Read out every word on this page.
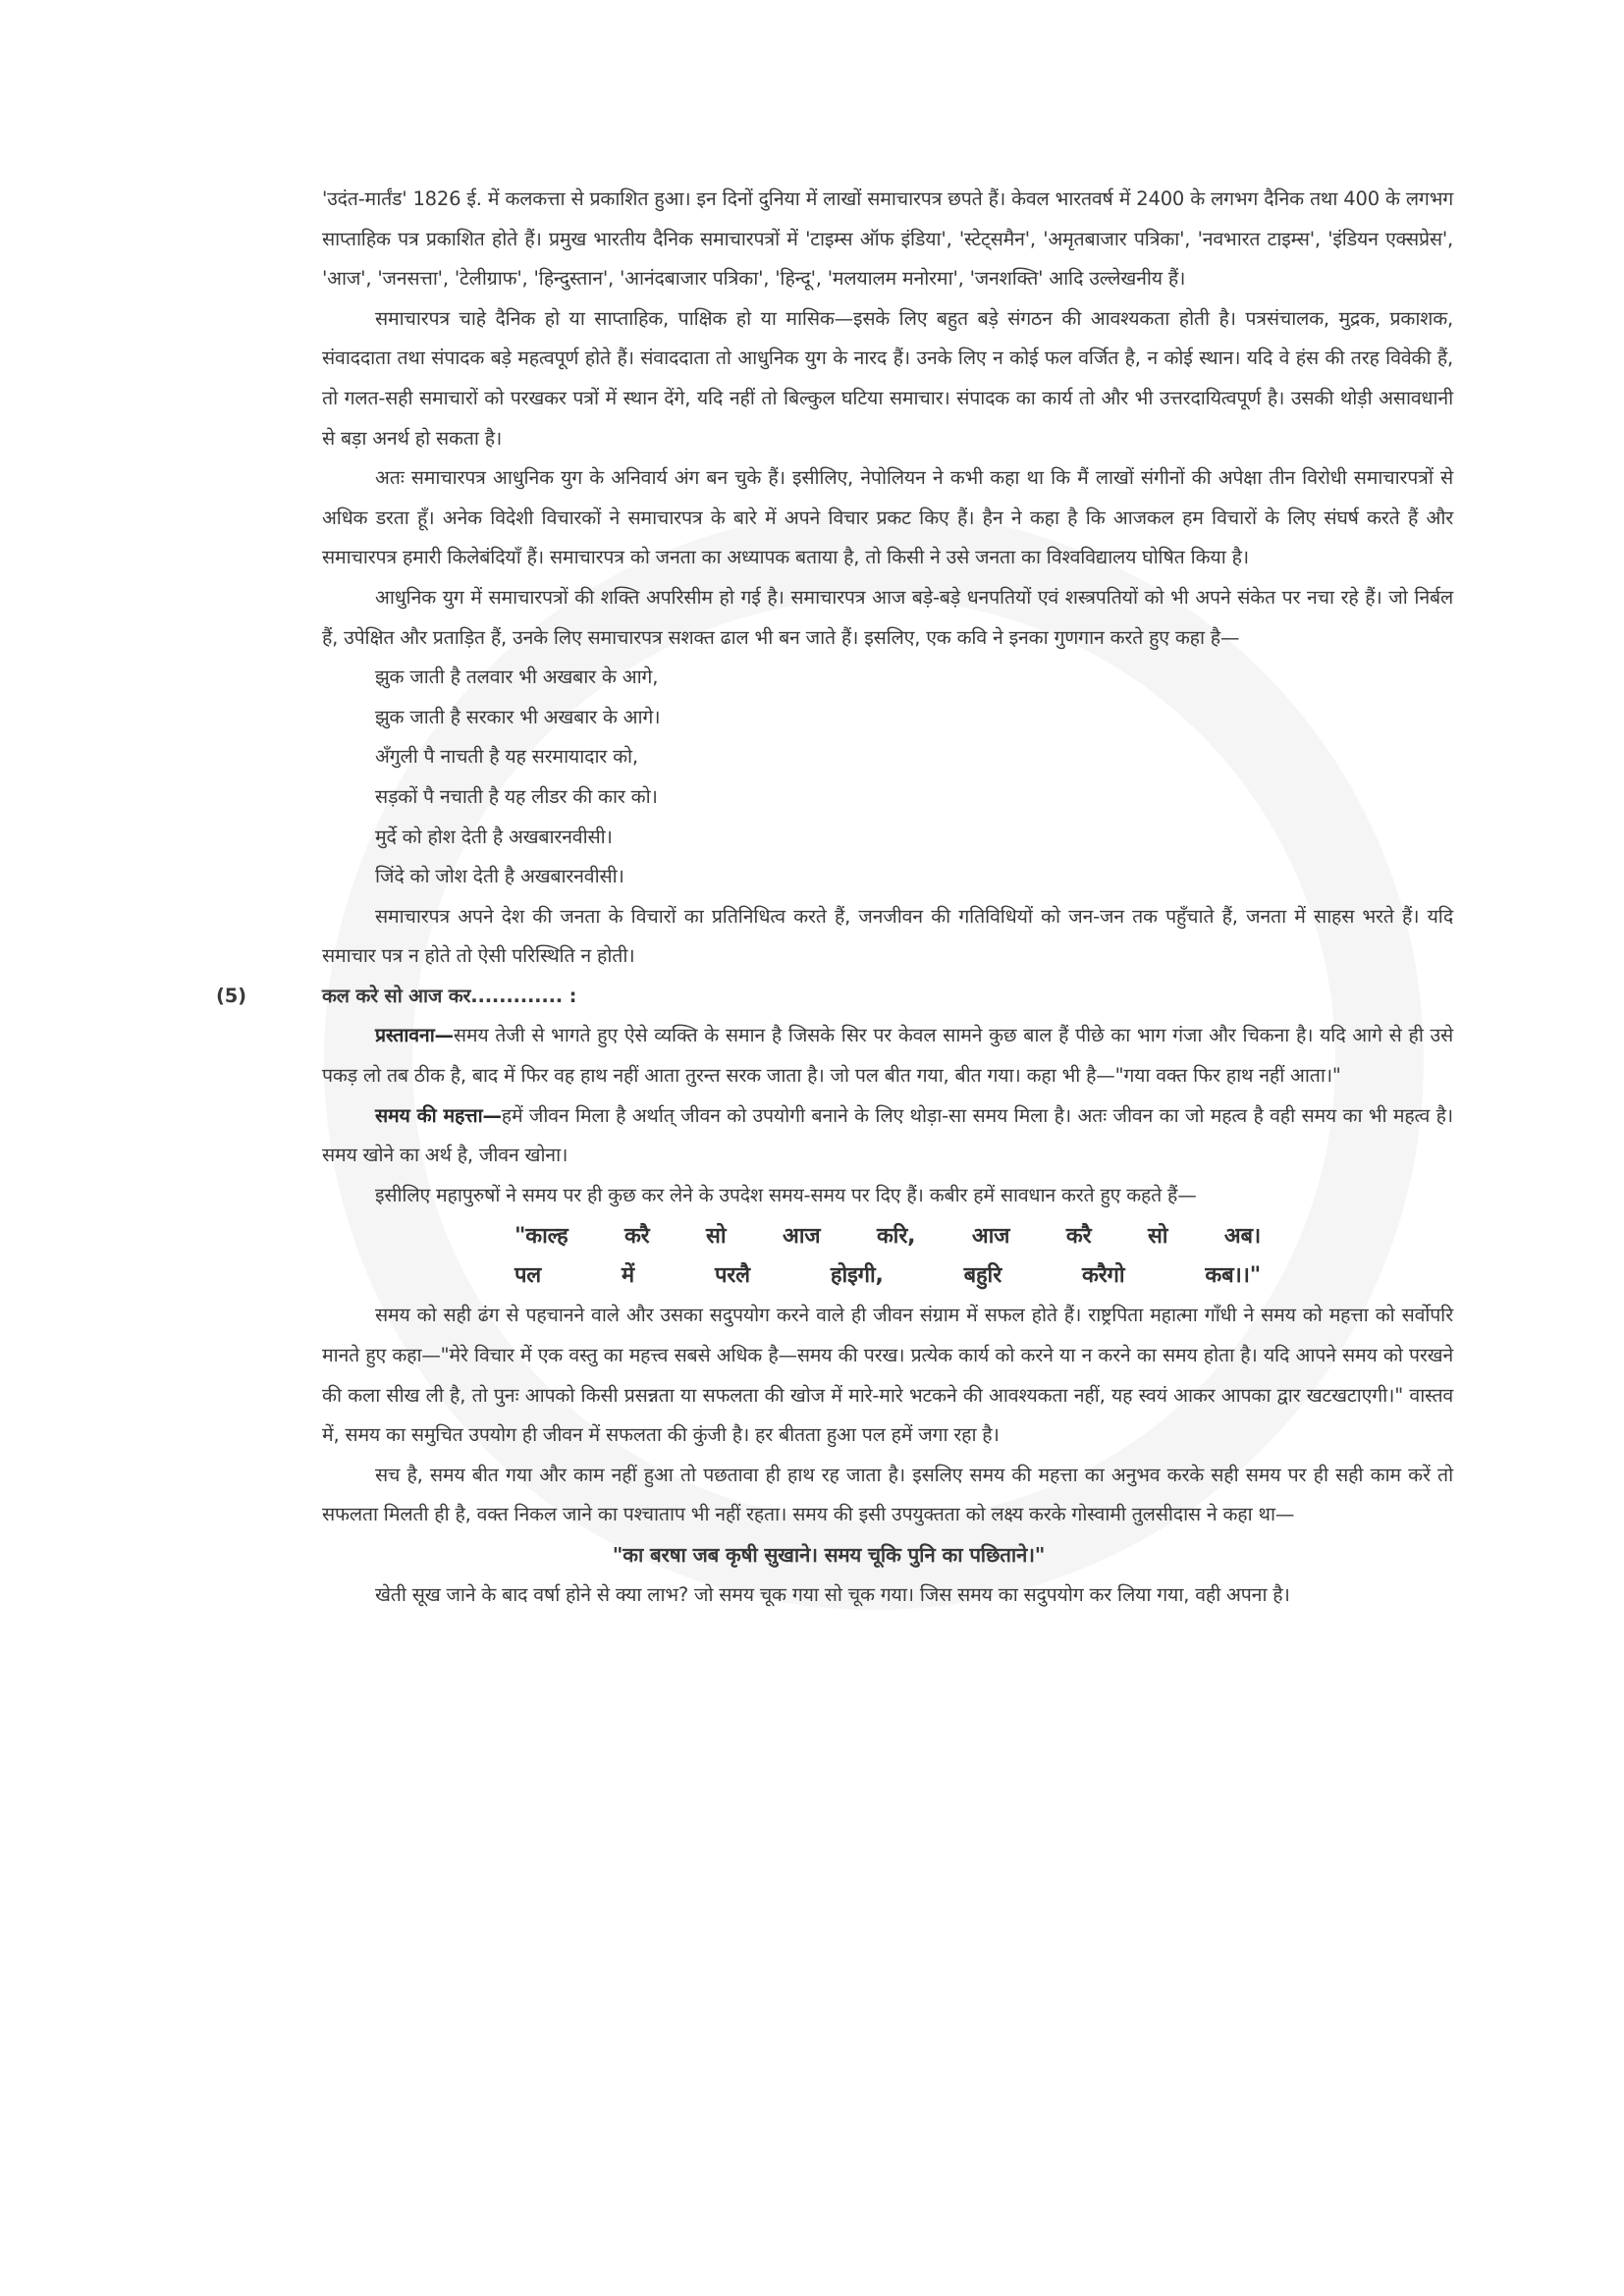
'उदंत-मार्तंड' 1826 ई. में कलकत्ता से प्रकाशित हुआ। इन दिनों दुनिया में लाखों समाचारपत्र छपते हैं। केवल भारतवर्ष में 2400 के लगभग दैनिक तथा 400 के लगभग साप्ताहिक पत्र प्रकाशित होते हैं। प्रमुख भारतीय दैनिक समाचारपत्रों में 'टाइम्स ऑफ इंडिया', 'स्टेट्समैन', 'अमृतबाजार पत्रिका', 'नवभारत टाइम्स', 'इंडियन एक्सप्रेस', 'आज', 'जनसत्ता', 'टेलीग्राफ', 'हिन्दुस्तान', 'आनंदबाजार पत्रिका', 'हिन्दू', 'मलयालम मनोरमा', 'जनशक्ति' आदि उल्लेखनीय हैं।

समाचारपत्र चाहे दैनिक हो या साप्ताहिक, पाक्षिक हो या मासिक—इसके लिए बहुत बड़े संगठन की आवश्यकता होती है। पत्रसंचालक, मुद्रक, प्रकाशक, संवाददाता तथा संपादक बड़े महत्वपूर्ण होते हैं। संवाददाता तो आधुनिक युग के नारद हैं। उनके लिए न कोई फल वर्जित है, न कोई स्थान। यदि वे हंस की तरह विवेकी हैं, तो गलत-सही समाचारों को परखकर पत्रों में स्थान देंगे, यदि नहीं तो बिल्कुल घटिया समाचार। संपादक का कार्य तो और भी उत्तरदायित्वपूर्ण है। उसकी थोड़ी असावधानी से बड़ा अनर्थ हो सकता है।

अतः समाचारपत्र आधुनिक युग के अनिवार्य अंग बन चुके हैं। इसीलिए, नेपोलियन ने कभी कहा था कि मैं लाखों संगीनों की अपेक्षा तीन विरोधी समाचारपत्रों से अधिक डरता हूँ। अनेक विदेशी विचारकों ने समाचारपत्र के बारे में अपने विचार प्रकट किए हैं। हैन ने कहा है कि आजकल हम विचारों के लिए संघर्ष करते हैं और समाचारपत्र हमारी किलेबंदियाँ हैं। समाचारपत्र को जनता का अध्यापक बताया है, तो किसी ने उसे जनता का विश्वविद्यालय घोषित किया है।

आधुनिक युग में समाचारपत्रों की शक्ति अपरिसीम हो गई है। समाचारपत्र आज बड़े-बड़े धनपतियों एवं शस्त्रपतियों को भी अपने संकेत पर नचा रहे हैं। जो निर्बल हैं, उपेक्षित और प्रताड़ित हैं, उनके लिए समाचारपत्र सशक्त ढाल भी बन जाते हैं। इसलिए, एक कवि ने इनका गुणगान करते हुए कहा है—

झुक जाती है तलवार भी अखबार के आगे,

झुक जाती है सरकार भी अखबार के आगे।

अँगुली पै नाचती है यह सरमायादार को,

सड़कों पै नचाती है यह लीडर की कार को।

मुर्दे को होश देती है अखबारनवीसी।

जिंदे को जोश देती है अखबारनवीसी।

समाचारपत्र अपने देश की जनता के विचारों का प्रतिनिधित्व करते हैं, जनजीवन की गतिविधियों को जन-जन तक पहुँचाते हैं, जनता में साहस भरते हैं। यदि समाचार पत्र न होते तो ऐसी परिस्थिति न होती।

(5)	कल करे सो आज कर............. :

प्रस्तावना—समय तेजी से भागते हुए ऐसे व्यक्ति के समान है जिसके सिर पर केवल सामने कुछ बाल हैं पीछे का भाग गंजा और चिकना है। यदि आगे से ही उसे पकड़ लो तब ठीक है, बाद में फिर वह हाथ नहीं आता तुरन्त सरक जाता है। जो पल बीत गया, बीत गया। कहा भी है—"गया वक्त फिर हाथ नहीं आता।"

समय की महत्ता—हमें जीवन मिला है अर्थात् जीवन को उपयोगी बनाने के लिए थोड़ा-सा समय मिला है। अतः जीवन का जो महत्व है वही समय का भी महत्व है। समय खोने का अर्थ है, जीवन खोना।

इसीलिए महापुरुषों ने समय पर ही कुछ कर लेने के उपदेश समय-समय पर दिए हैं। कबीर हमें सावधान करते हुए कहते हैं—

"काल्ह करै सो आज करि, आज करै सो अब।
पल में परलै होइगी, बहुरि करैगो कब।।"

समय को सही ढंग से पहचानने वाले और उसका सदुपयोग करने वाले ही जीवन संग्राम में सफल होते हैं। राष्ट्रपिता महात्मा गाँधी ने समय को महत्ता को सर्वोपरि मानते हुए कहा—"मेरे विचार में एक वस्तु का महत्त्व सबसे अधिक है—समय की परख। प्रत्येक कार्य को करने या न करने का समय होता है। यदि आपने समय को परखने की कला सीख ली है, तो पुनः आपको किसी प्रसन्नता या सफलता की खोज में मारे-मारे भटकने की आवश्यकता नहीं, यह स्वयं आकर आपका द्वार खटखटाएगी।" वास्तव में, समय का समुचित उपयोग ही जीवन में सफलता की कुंजी है। हर बीतता हुआ पल हमें जगा रहा है।

सच है, समय बीत गया और काम नहीं हुआ तो पछतावा ही हाथ रह जाता है। इसलिए समय की महत्ता का अनुभव करके सही समय पर ही सही काम करें तो सफलता मिलती ही है, वक्त निकल जाने का पश्चाताप भी नहीं रहता। समय की इसी उपयुक्तता को लक्ष्य करके गोस्वामी तुलसीदास ने कहा था—

"का बरषा जब कृषी सुखाने। समय चूकि पुनि का पछिताने।"

खेती सूख जाने के बाद वर्षा होने से क्या लाभ? जो समय चूक गया सो चूक गया। जिस समय का सदुपयोग कर लिया गया, वही अपना है।
